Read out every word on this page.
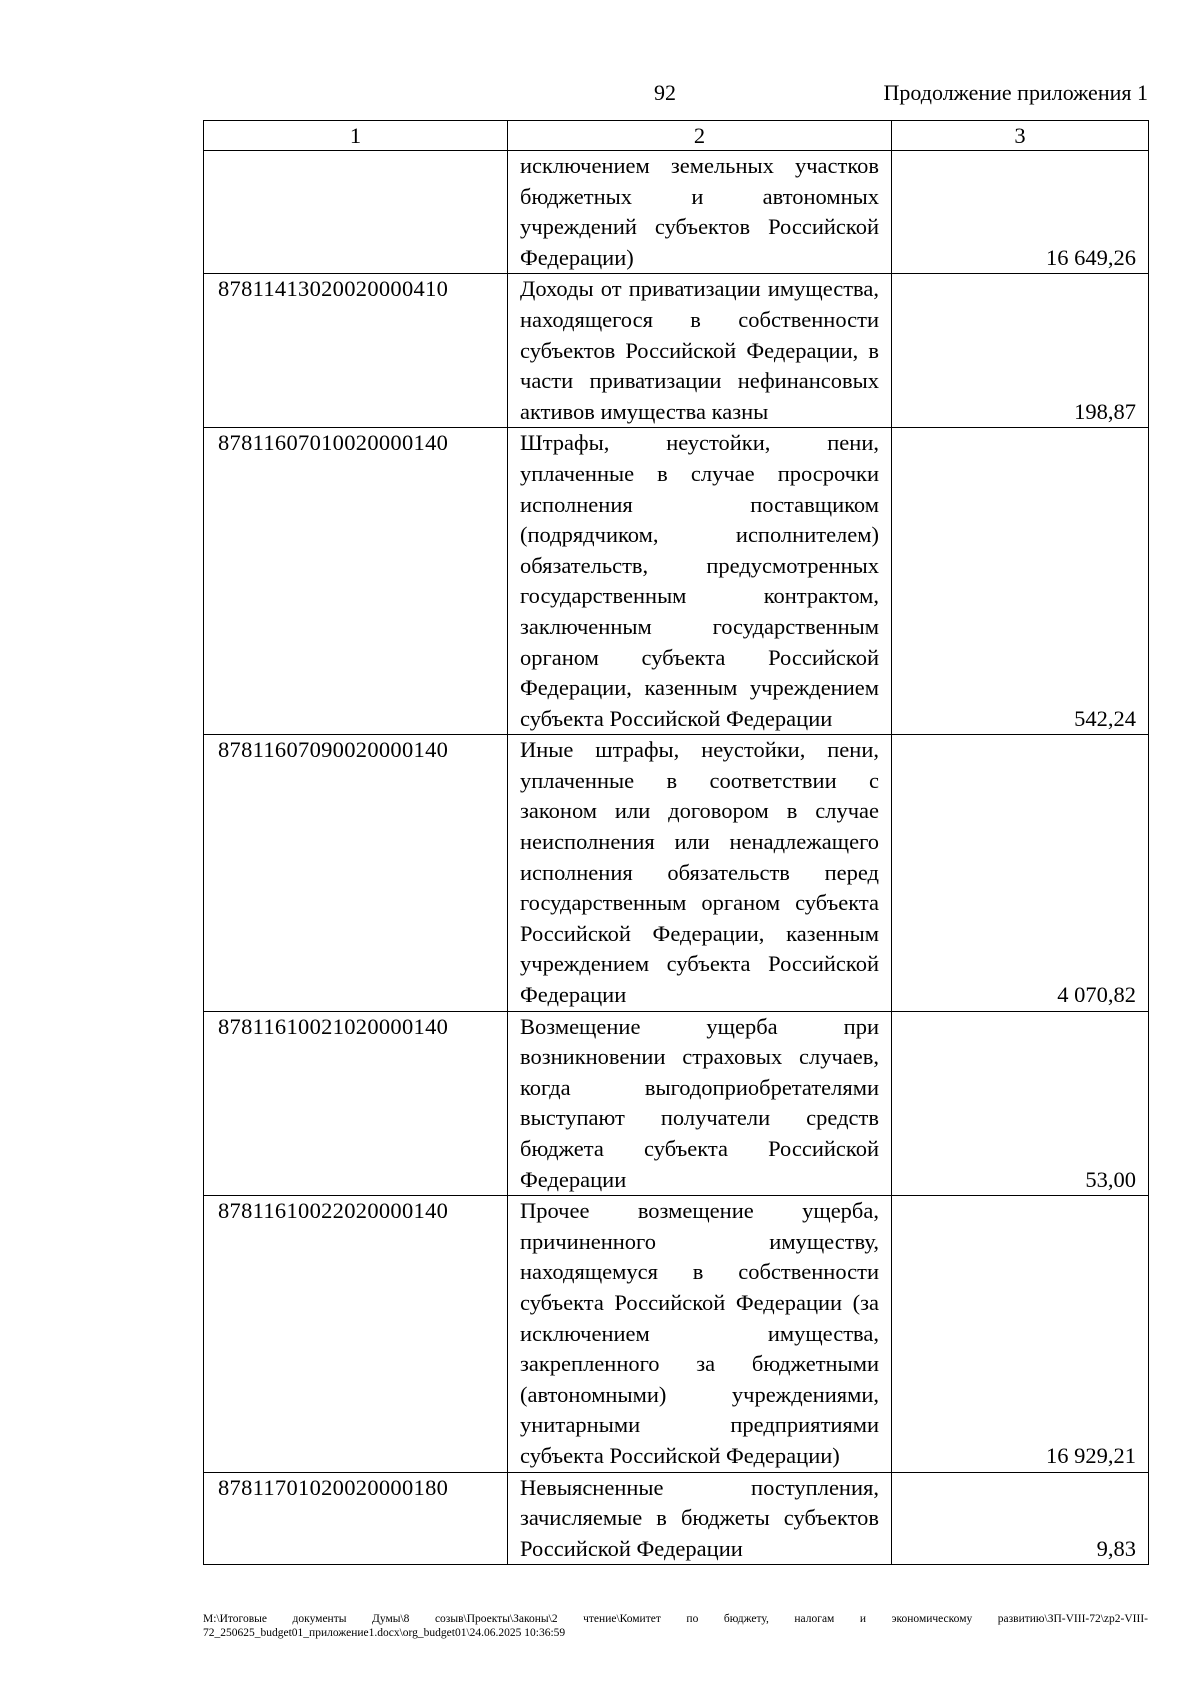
92	Продолжение приложения 1
1	2	3
	исключением земельных участков бюджетных и автономных учреждений субъектов Российской Федерации)	16 649,26
87811413020020000410	Доходы от приватизации имущества, находящегося в собственности субъектов Российской Федерации, в части приватизации нефинансовых активов имущества казны	198,87
87811607010020000140	Штрафы, неустойки, пени, уплаченные в случае просрочки исполнения поставщиком (подрядчиком, исполнителем) обязательств, предусмотренных государственным контрактом, заключенным государственным органом субъекта Российской Федерации, казенным учреждением субъекта Российской Федерации	542,24
87811607090020000140	Иные штрафы, неустойки, пени, уплаченные в соответствии с законом или договором в случае неисполнения или ненадлежащего исполнения обязательств перед государственным органом субъекта Российской Федерации, казенным учреждением субъекта Российской Федерации	4 070,82
87811610021020000140	Возмещение ущерба при возникновении страховых случаев, когда выгодоприобретателями выступают получатели средств бюджета субъекта Российской Федерации	53,00
87811610022020000140	Прочее возмещение ущерба, причиненного имуществу, находящемуся в собственности субъекта Российской Федерации (за исключением имущества, закрепленного за бюджетными (автономными) учреждениями, унитарными предприятиями субъекта Российской Федерации)	16 929,21
87811701020020000180	Невыясненные поступления, зачисляемые в бюджеты субъектов Российской Федерации	9,83
M:\Итоговые документы Думы\8 созыв\Проекты\Законы\2 чтение\Комитет по бюджету, налогам и экономическому развитию\ЗП-VIII-72\zp2-VIII-72_250625_budget01_приложение1.docx\org_budget01\24.06.2025 10:36:59
